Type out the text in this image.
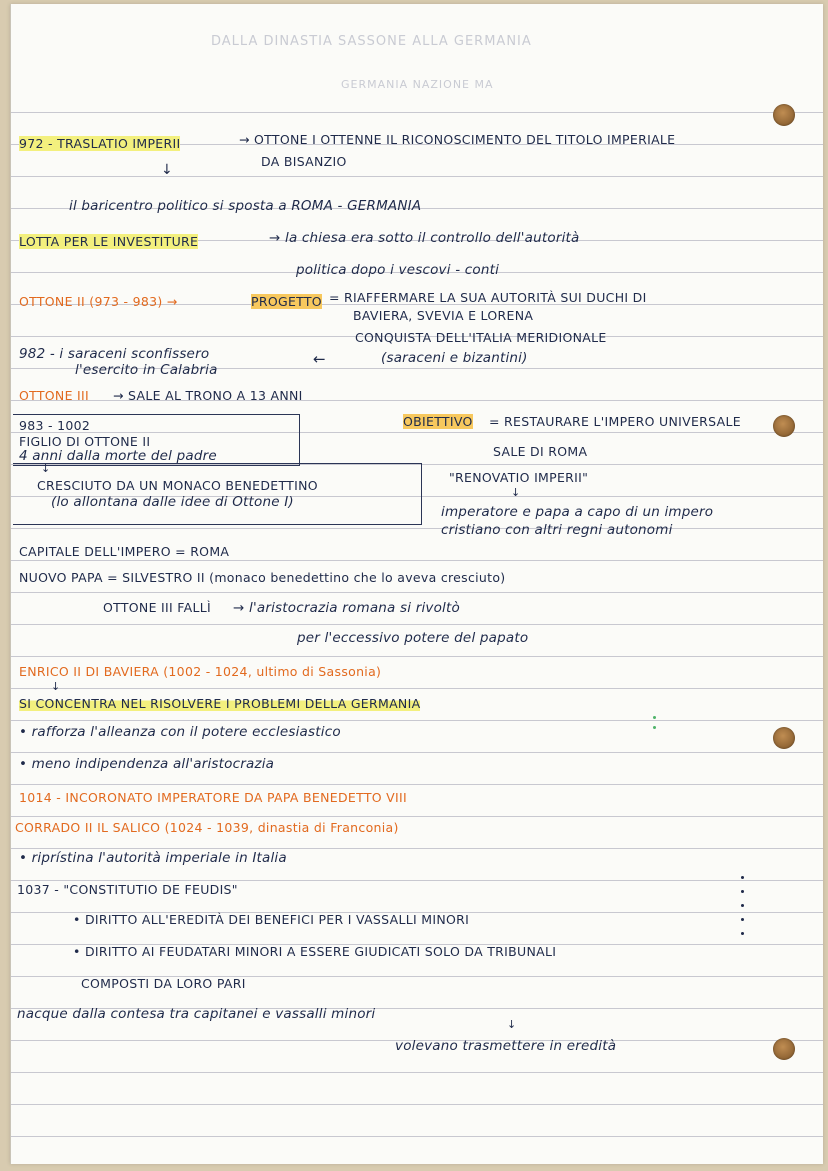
DALLA DINASTIA SASSONE ALLA GERMANIA
GERMANIA NAZIONE MA
972 - TRASLATIO IMPERII	→ OTTONE I OTTENNE IL RICONOSCIMENTO DEL TITOLO IMPERIALE
DA BISANZIO
↓
il baricentro politico si sposta a ROMA - GERMANIA
LOTTA PER LE INVESTITURE	→ la chiesa era sotto il controllo dell'autorità
politica dopo i vescovi - conti
OTTONE II (973 - 983) →	PROGETTO = RIAFFERMARE LA SUA AUTORITÀ SUI DUCHI DI
BAVIERA, SVEVIA E LORENA
CONQUISTA DELL'ITALIA MERIDIONALE
(saraceni e bizantini)
982 - i saraceni sconfissero
l'esercito in Calabria
←
OTTONE III → SALE AL TRONO A 13 ANNI
983 - 1002
FIGLIO DI OTTONE II
4 anni dalla morte del padre
↓
CRESCIUTO DA UN MONACO BENEDETTINO
(lo allontana dalle idee di Ottone I)
OBIETTIVO = RESTAURARE L'IMPERO UNIVERSALE
SALE DI ROMA
"RENOVATIO IMPERII"
↓
imperatore e papa a capo di un impero
cristiano con altri regni autonomi
CAPITALE DELL'IMPERO = ROMA
NUOVO PAPA = SILVESTRO II (monaco benedettino che lo aveva cresciuto)
OTTONE III FALLÌ → l'aristocrazia romana si rivoltò
per l'eccessivo potere del papato
ENRICO II DI BAVIERA (1002 - 1024, ultimo di Sassonia)
↓
SI CONCENTRA NEL RISOLVERE I PROBLEMI DELLA GERMANIA
• rafforza l'alleanza con il potere ecclesiastico
• meno indipendenza all'aristocrazia
1014 - INCORONATO IMPERATORE DA PAPA BENEDETTO VIII
CORRADO II IL SALICO (1024 - 1039, dinastia di Franconia)
• riprístina l'autorità imperiale in Italia
1037 - "CONSTITUTIO DE FEUDIS"
• DIRITTO ALL'EREDITÀ DEI BENEFICI PER I VASSALLI MINORI
• DIRITTO AI FEUDATARI MINORI A ESSERE GIUDICATI SOLO DA TRIBUNALI
COMPOSTI DA LORO PARI
nacque dalla contesa tra capitanei e vassalli minori
↓
volevano trasmettere in eredità
